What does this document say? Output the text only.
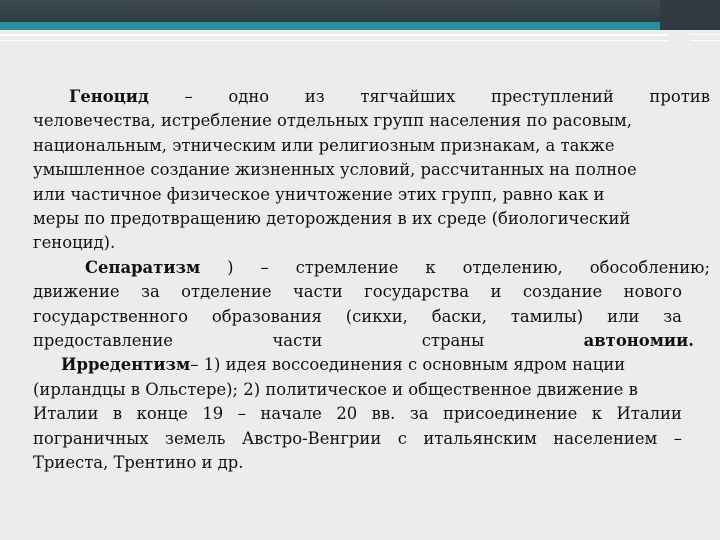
Геноцид – одно из тягчайших преступлений против
человечества, истребление отдельных групп населения по расовым,
национальным, этническим или религиозным признакам, а также
умышленное создание жизненных условий, рассчитанных на полное
или частичное физическое уничтожение этих групп, равно как и
меры по предотвращению деторождения в их среде (биологический
геноцид).
Сепаратизм ) – стремление к отделению, обособлению;
движение за отделение части государства и создание нового
государственного образования (сикхи, баски, тамилы) или за
предоставление	части	страны	автономии.
Ирредентизм – 1) идея воссоединения с основным ядром нации
(ирландцы в Ольстере); 2) политическое и общественное движение в
Италии в конце 19 – начале 20 вв. за присоединение к Италии
пограничных земель Австро-Венгрии с итальянским населением –
Триеста, Трентино и др.
